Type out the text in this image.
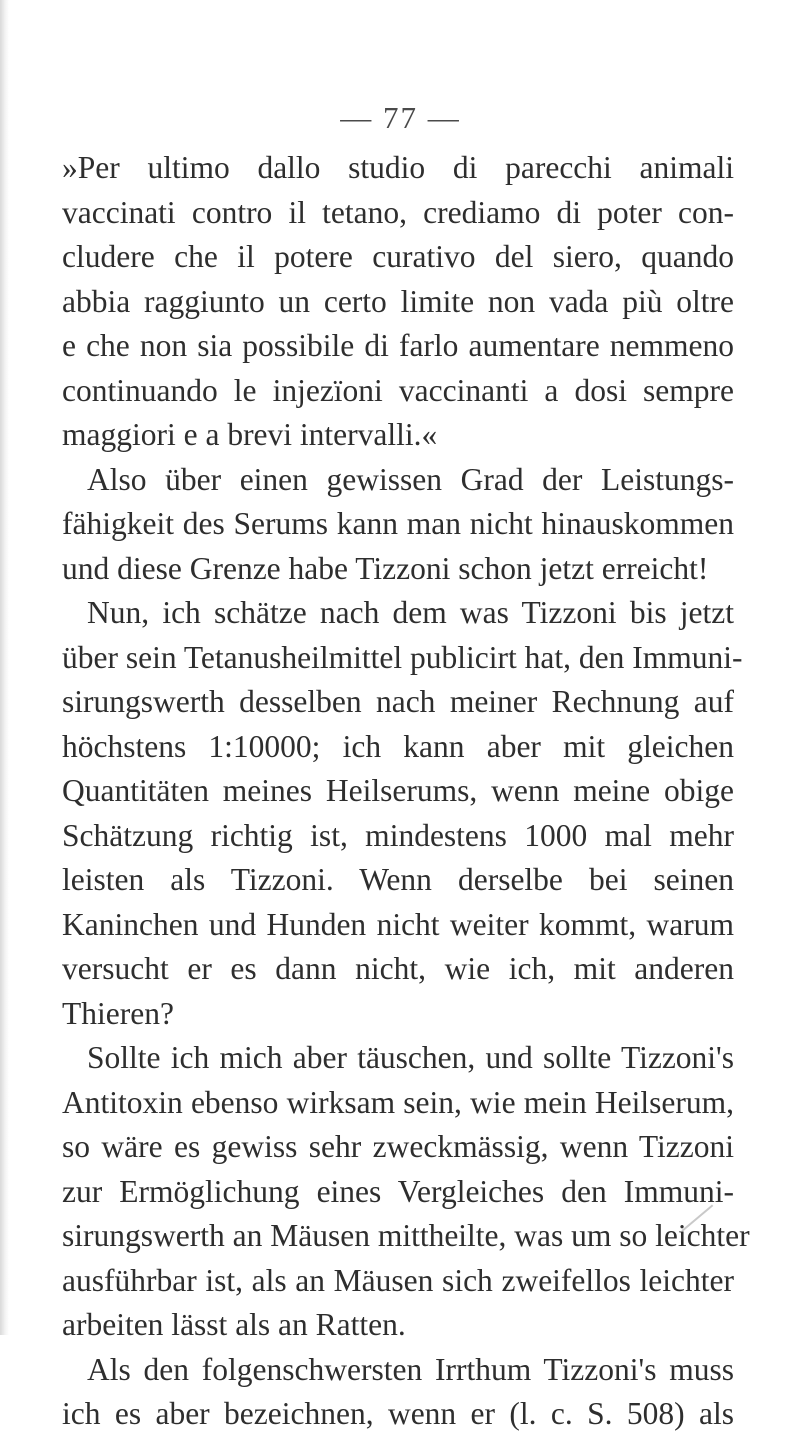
— 77 —
»Per ultimo dallo studio di parecchi animali
vaccinati contro il tetano, crediamo di poter con-
cludere che il potere curativo del siero, quando
abbia raggiunto un certo limite non vada più oltre
e che non sia possibile di farlo aumentare nemmeno
continuando le injezïoni vaccinanti a dosi sempre
maggiori e a brevi intervalli.«
Also über einen gewissen Grad der Leistungs-
fähigkeit des Serums kann man nicht hinauskommen
und diese Grenze habe Tizzoni schon jetzt erreicht!
Nun, ich schätze nach dem was Tizzoni bis jetzt
über sein Tetanusheilmittel publicirt hat, den Immuni-
sirungswerth desselben nach meiner Rechnung auf
höchstens 1:10000; ich kann aber mit gleichen
Quantitäten meines Heilserums, wenn meine obige
Schätzung richtig ist, mindestens 1000 mal mehr
leisten als Tizzoni. Wenn derselbe bei seinen
Kaninchen und Hunden nicht weiter kommt, warum
versucht er es dann nicht, wie ich, mit anderen
Thieren?
Sollte ich mich aber täuschen, und sollte Tizzoni's
Antitoxin ebenso wirksam sein, wie mein Heilserum,
so wäre es gewiss sehr zweckmässig, wenn Tizzoni
zur Ermöglichung eines Vergleiches den Immuni-
sirungswerth an Mäusen mittheilte, was um so leichter
ausführbar ist, als an Mäusen sich zweifellos leichter
arbeiten lässt als an Ratten.
Als den folgenschwersten Irrthum Tizzoni's muss
ich es aber bezeichnen, wenn er (l. c. S. 508) als
